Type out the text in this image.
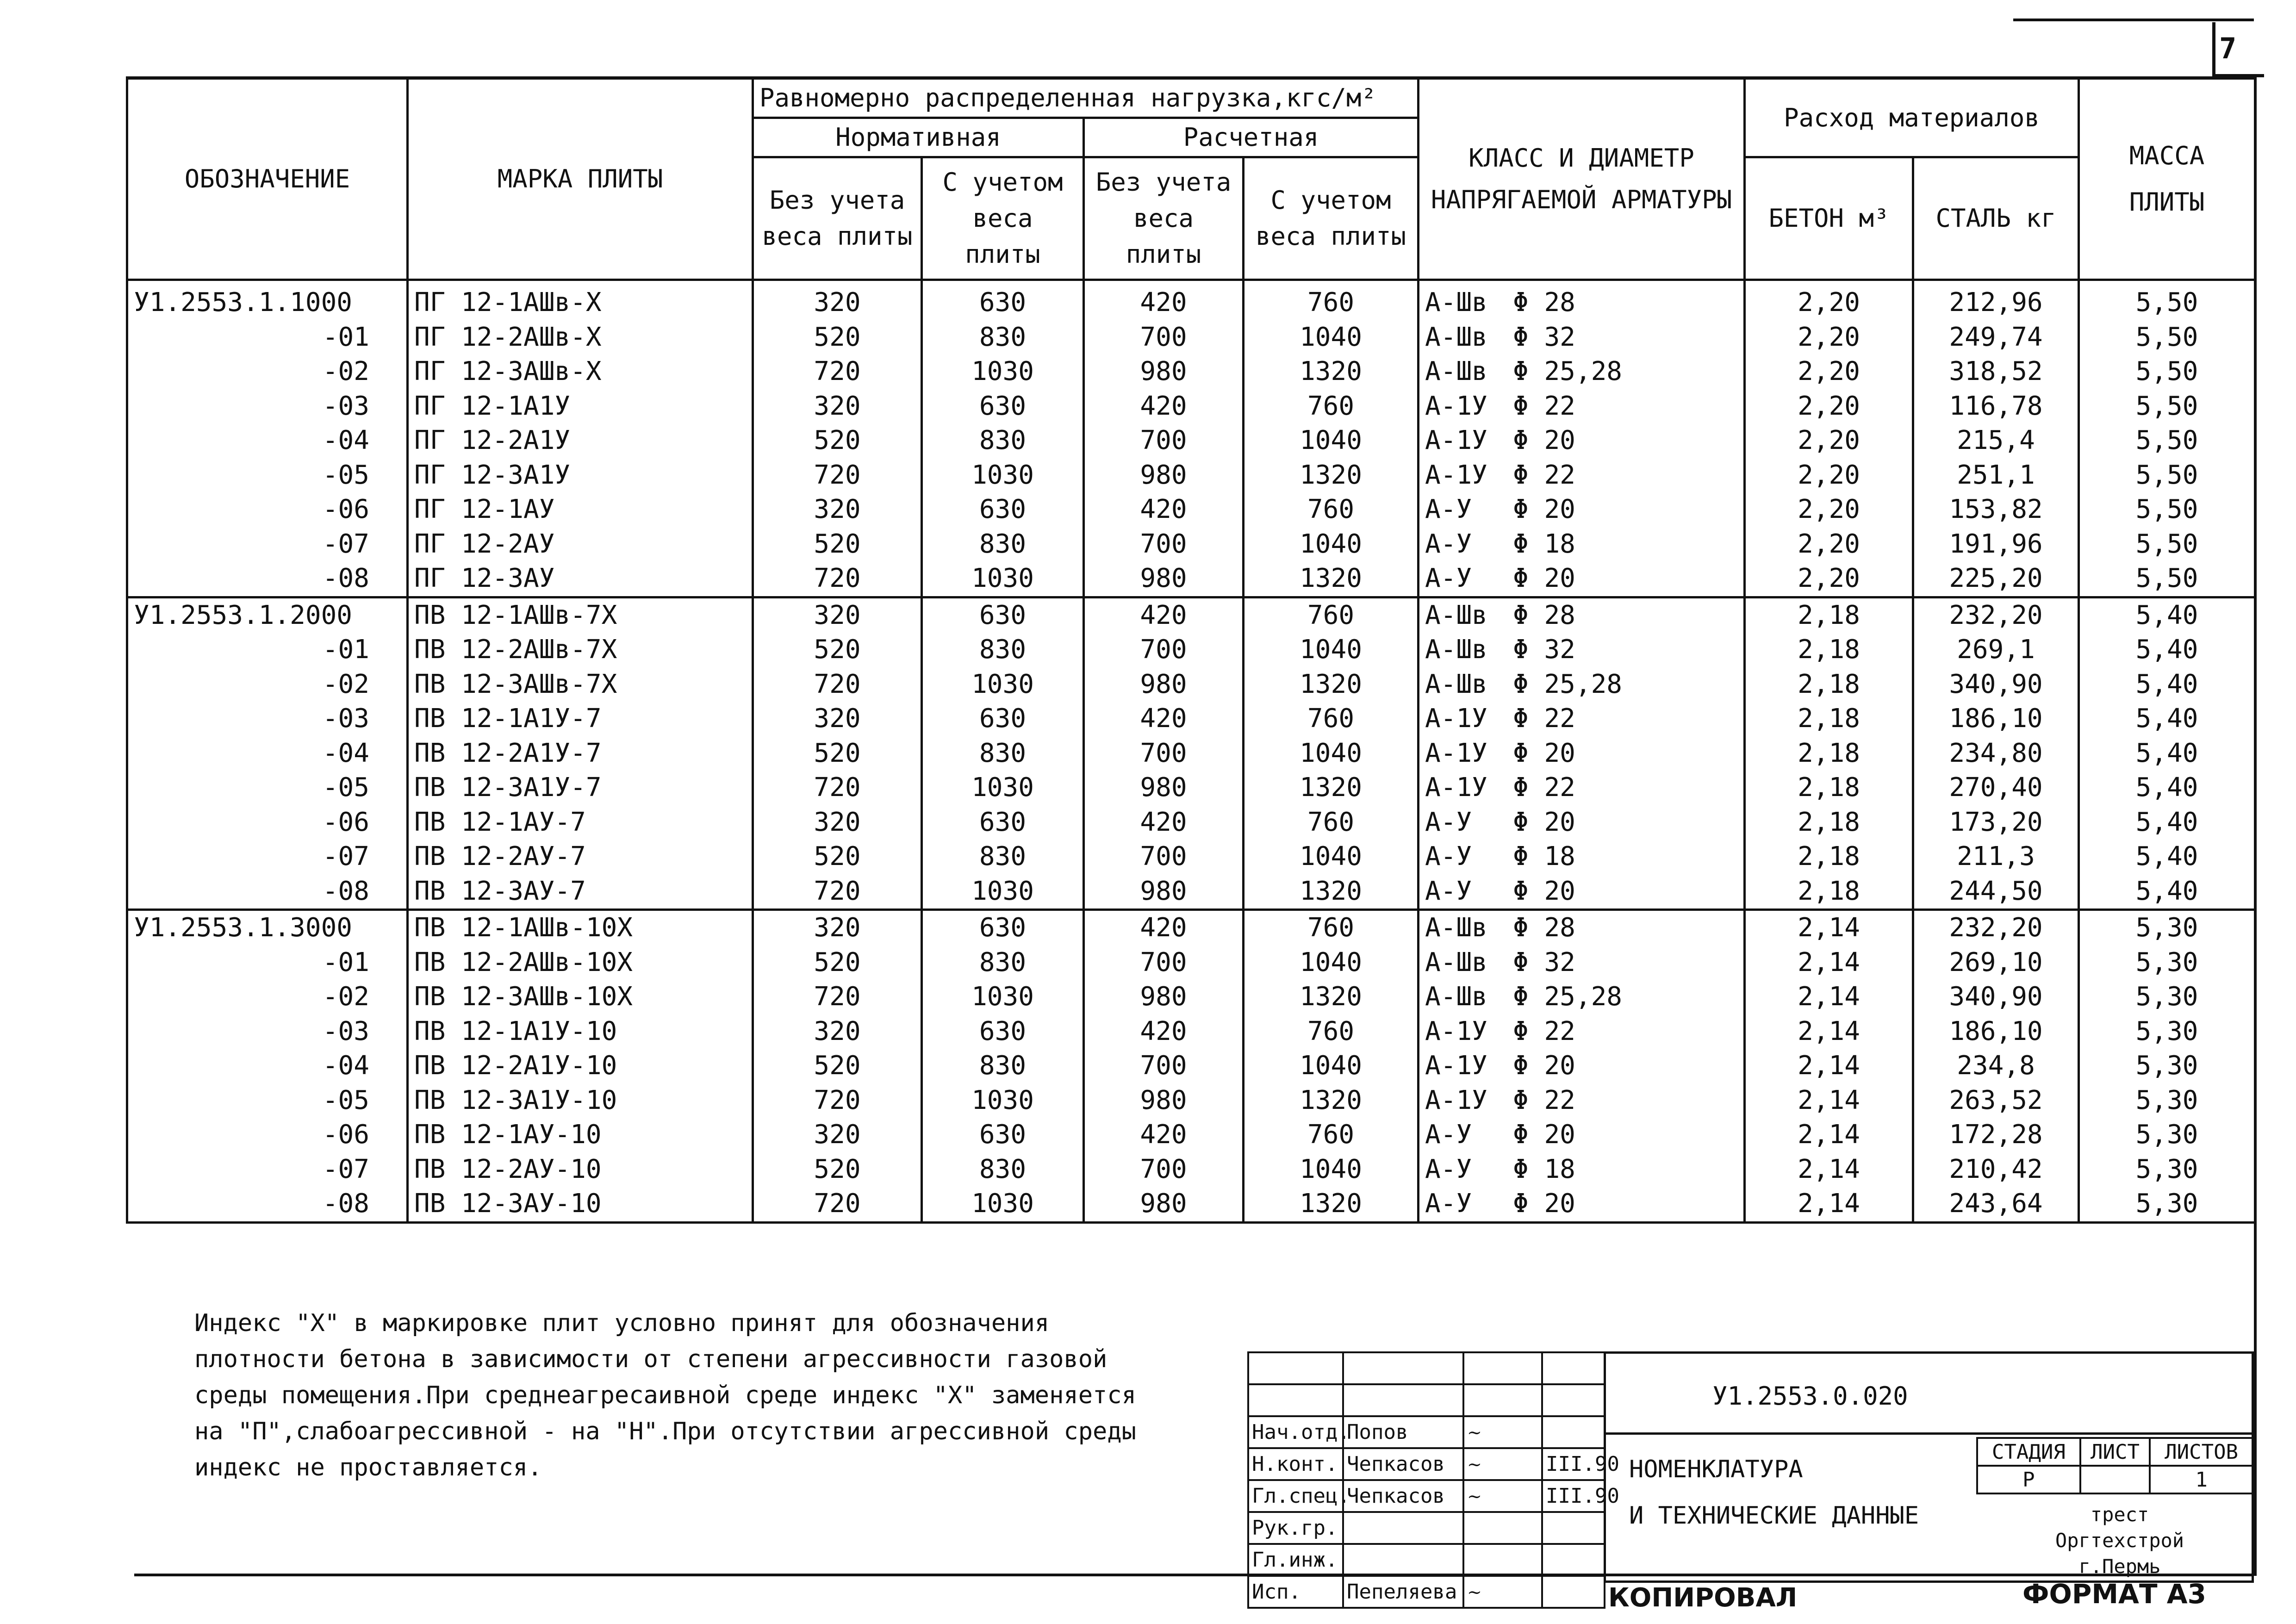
7
ОБОЗНАЧЕНИЕ	МАРКА ПЛИТЫ	Равномерно распределенная нагрузка,кгс/м²				КЛАСС И ДИАМЕТР НАПРЯГАЕМОЙ АРМАТУРЫ	Расход материалов		МАССА ПЛИТЫ
		Нормативная		Расчетная					
		Без учета веса плиты	С учетом веса плиты	Без учета веса плиты	С учетом веса плиты		БЕТОН м³	СТАЛЬ кг	
У1.2553.1.1000	ПГ 12-1АШв-Х	320	630	420	760	А-Шв Φ 28	2,20	212,96	5,50
-01	ПГ 12-2АШв-Х	520	830	700	1040	А-Шв Φ 32	2,20	249,74	5,50
-02	ПГ 12-3АШв-Х	720	1030	980	1320	А-Шв Φ 25,28	2,20	318,52	5,50
-03	ПГ 12-1А1У	320	630	420	760	А-1У Φ 22	2,20	116,78	5,50
-04	ПГ 12-2А1У	520	830	700	1040	А-1У Φ 20	2,20	215,4	5,50
-05	ПГ 12-3А1У	720	1030	980	1320	А-1У Φ 22	2,20	251,1	5,50
-06	ПГ 12-1АУ	320	630	420	760	А-У Φ 20	2,20	153,82	5,50
-07	ПГ 12-2АУ	520	830	700	1040	А-У Φ 18	2,20	191,96	5,50
-08	ПГ 12-3АУ	720	1030	980	1320	А-У Φ 20	2,20	225,20	5,50
У1.2553.1.2000	ПВ 12-1АШв-7Х	320	630	420	760	А-Шв Φ 28	2,18	232,20	5,40
-01	ПВ 12-2АШв-7Х	520	830	700	1040	А-Шв Φ 32	2,18	269,1	5,40
-02	ПВ 12-3АШв-7Х	720	1030	980	1320	А-Шв Φ 25,28	2,18	340,90	5,40
-03	ПВ 12-1А1У-7	320	630	420	760	А-1У Φ 22	2,18	186,10	5,40
-04	ПВ 12-2А1У-7	520	830	700	1040	А-1У Φ 20	2,18	234,80	5,40
-05	ПВ 12-3А1У-7	720	1030	980	1320	А-1У Φ 22	2,18	270,40	5,40
-06	ПВ 12-1АУ-7	320	630	420	760	А-У Φ 20	2,18	173,20	5,40
-07	ПВ 12-2АУ-7	520	830	700	1040	А-У Φ 18	2,18	211,3	5,40
-08	ПВ 12-3АУ-7	720	1030	980	1320	А-У Φ 20	2,18	244,50	5,40
У1.2553.1.3000	ПВ 12-1АШв-10Х	320	630	420	760	А-Шв Φ 28	2,14	232,20	5,30
-01	ПВ 12-2АШв-10Х	520	830	700	1040	А-Шв Φ 32	2,14	269,10	5,30
-02	ПВ 12-3АШв-10Х	720	1030	980	1320	А-Шв Φ 25,28	2,14	340,90	5,30
-03	ПВ 12-1А1У-10	320	630	420	760	А-1У Φ 22	2,14	186,10	5,30
-04	ПВ 12-2А1У-10	520	830	700	1040	А-1У Φ 20	2,14	234,8	5,30
-05	ПВ 12-3А1У-10	720	1030	980	1320	А-1У Φ 22	2,14	263,52	5,30
-06	ПВ 12-1АУ-10	320	630	420	760	А-У Φ 20	2,14	172,28	5,30
-07	ПВ 12-2АУ-10	520	830	700	1040	А-У Φ 18	2,14	210,42	5,30
-08	ПВ 12-3АУ-10	720	1030	980	1320	А-У Φ 20	2,14	243,64	5,30

Индекс "Х" в маркировке плит условно принят для обозначения

плотности бетона в зависимости от степени агрессивности газовой

среды помещения.При среднеагресаивной среде индекс "Х" заменяется

на "П",слабоагрессивной - на "Н".При отсутствии агрессивной среды

индекс не проставляется.

Нач.отд.	Попов	~	
Н.конт.	Чепкасов	~	III.90
Гл.спец.	Чепкасов	~	III.90
Рук.гр.			
Гл.инж.			
Исп.	Пепеляева	~	
У1.2553.0.020
НОМЕНКЛАТУРА
И ТЕХНИЧЕСКИЕ ДАННЫЕ
СТАДИЯ	ЛИСТ	ЛИСТОВ
Р		1
трест
Оргтехстрой
г.Пермь
КОПИРОВАЛ	ФОРМАТ А3
